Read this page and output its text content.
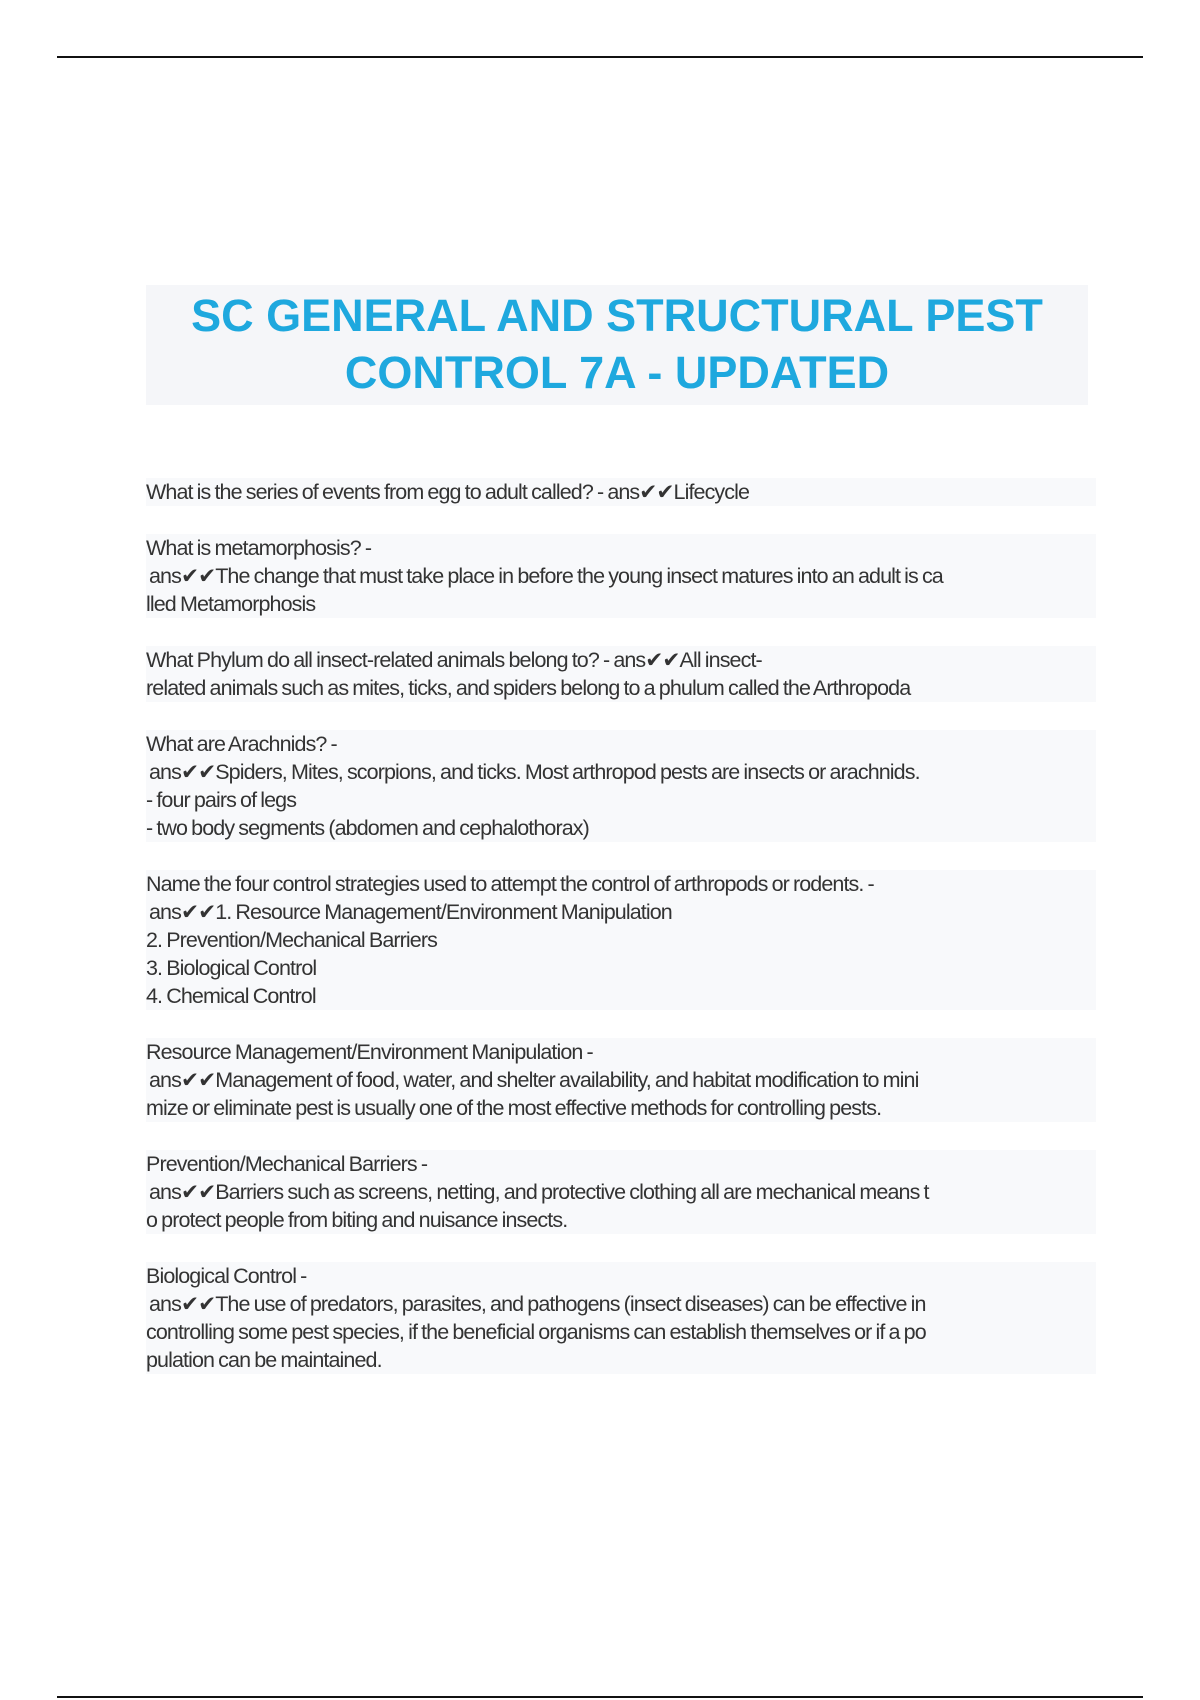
SC GENERAL AND STRUCTURAL PEST
CONTROL 7A - UPDATED
What is the series of events from egg to adult called? - ans✔✔Lifecycle
What is metamorphosis? -
ans✔✔The change that must take place in before the young insect matures into an adult is ca
lled Metamorphosis
What Phylum do all insect-related animals belong to? - ans✔✔All insect-
related animals such as mites, ticks, and spiders belong to a phulum called the Arthropoda
What are Arachnids? -
ans✔✔Spiders, Mites, scorpions, and ticks. Most arthropod pests are insects or arachnids.
- four pairs of legs
- two body segments (abdomen and cephalothorax)
Name the four control strategies used to attempt the control of arthropods or rodents. -
ans✔✔1. Resource Management/Environment Manipulation
2. Prevention/Mechanical Barriers
3. Biological Control
4. Chemical Control
Resource Management/Environment Manipulation -
ans✔✔Management of food, water, and shelter availability, and habitat modification to mini
mize or eliminate pest is usually one of the most effective methods for controlling pests.
Prevention/Mechanical Barriers -
ans✔✔Barriers such as screens, netting, and protective clothing all are mechanical means t
o protect people from biting and nuisance insects.
Biological Control -
ans✔✔The use of predators, parasites, and pathogens (insect diseases) can be effective in
controlling some pest species, if the beneficial organisms can establish themselves or if a po
pulation can be maintained.
